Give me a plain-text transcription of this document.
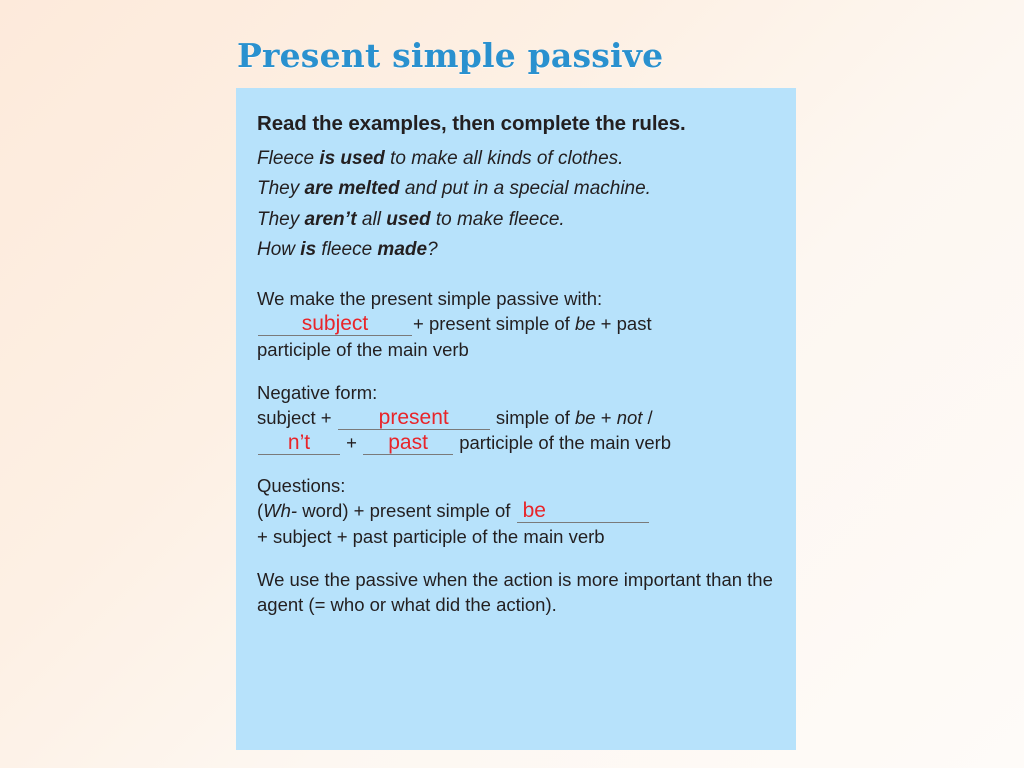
Present simple passive
Read the examples, then complete the rules.
Fleece is used to make all kinds of clothes.
They are melted and put in a special machine.
They aren’t all used to make fleece.
How is fleece made?
We make the present simple passive with:
subject + present simple of be + past
participle of the main verb
Negative form:
subject + present simple of be + not /
n’t + past participle of the main verb
Questions:
(Wh- word) + present simple of be
+ subject + past participle of the main verb
We use the passive when the action is more important than the agent (= who or what did the action).
